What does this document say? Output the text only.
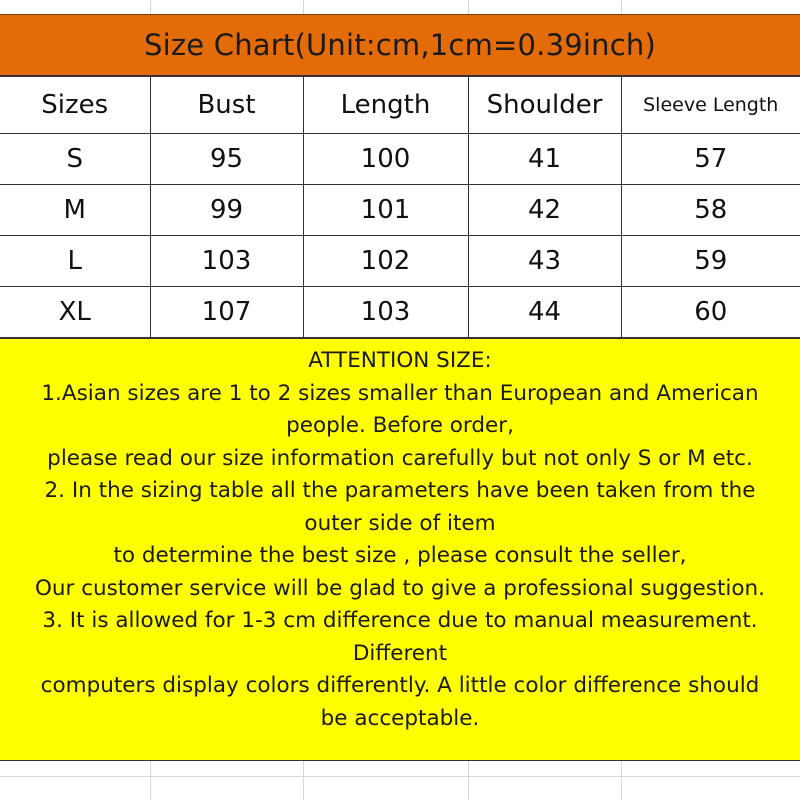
Size Chart(Unit:cm,1cm=0.39inch)
Sizes	Bust	Length	Shoulder	Sleeve Length
S	95	100	41	57
M	99	101	42	58
L	103	102	43	59
XL	107	103	44	60
ATTENTION SIZE:
1.Asian sizes are 1 to 2 sizes smaller than European and American
people. Before order,
please read our size information carefully but not only S or M etc.
2. In the sizing table all the parameters have been taken from the
outer side of item
to determine the best size , please consult the seller,
Our customer service will be glad to give a professional suggestion.
3. It is allowed for 1-3 cm difference due to manual measurement.
Different
computers display colors differently. A little color difference should
be acceptable.
